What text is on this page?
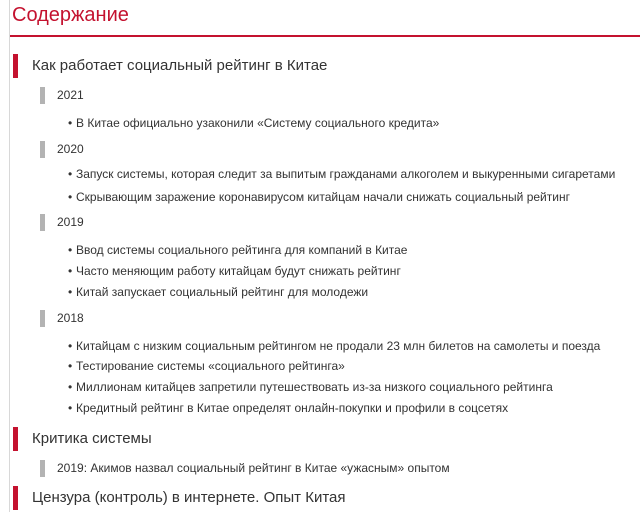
Содержание
Как работает социальный рейтинг в Китае
2021
• В Китае официально узаконили «Систему социального кредита»
2020
• Запуск системы, которая следит за выпитым гражданами алкоголем и выкуренными сигаретами
• Скрывающим заражение коронавирусом китайцам начали снижать социальный рейтинг
2019
• Ввод системы социального рейтинга для компаний в Китае
• Часто меняющим работу китайцам будут снижать рейтинг
• Китай запускает социальный рейтинг для молодежи
2018
• Китайцам с низким социальным рейтингом не продали 23 млн билетов на самолеты и поезда
• Тестирование системы «социального рейтинга»
• Миллионам китайцев запретили путешествовать из-за низкого социального рейтинга
• Кредитный рейтинг в Китае определят онлайн-покупки и профили в соцсетях
Критика системы
2019: Акимов назвал социальный рейтинг в Китае «ужасным» опытом
Цензура (контроль) в интернете. Опыт Китая
